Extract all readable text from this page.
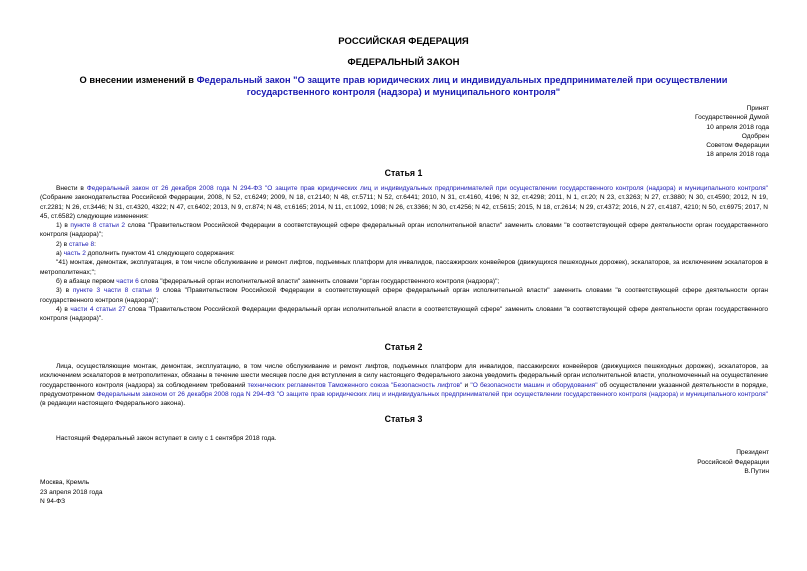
РОССИЙСКАЯ ФЕДЕРАЦИЯ
ФЕДЕРАЛЬНЫЙ ЗАКОН
О внесении изменений в Федеральный закон "О защите прав юридических лиц и индивидуальных предпринимателей при осуществлении государственного контроля (надзора) и муниципального контроля"
Принят
Государственной Думой
10 апреля 2018 года
Одобрен
Советом Федерации
18 апреля 2018 года
Статья 1

Внести в Федеральный закон от 26 декабря 2008 года N 294-ФЗ "О защите прав юридических лиц и индивидуальных предпринимателей при осуществлении государственного контроля (надзора) и муниципального контроля" (Собрание законодательства Российской Федерации, 2008, N 52, ст.6249; 2009, N 18, ст.2140; N 48, ст.5711; N 52, ст.6441; 2010, N 31, ст.4160, 4196; N 32, ст.4298; 2011, N 1, ст.20; N 23, ст.3263; N 27, ст.3880; N 30, ст.4590; 2012, N 19, ст.2281; N 26, ст.3446; N 31, ст.4320, 4322; N 47, ст.6402; 2013, N 9, ст.874; N 48, ст.6165; 2014, N 11, ст.1092, 1098; N 26, ст.3366; N 30, ст.4256; N 42, ст.5615; 2015, N 18, ст.2614; N 29, ст.4372; 2016, N 27, ст.4187, 4210; N 50, ст.6975; 2017, N 45, ст.6582) следующие изменения:

1) в пункте 8 статьи 2 слова "Правительством Российской Федерации в соответствующей сфере федеральный орган исполнительной власти" заменить словами "в соответствующей сфере деятельности орган государственного контроля (надзора)";

2) в статье 8:

а) часть 2 дополнить пунктом 41 следующего содержания:

"41) монтаж, демонтаж, эксплуатация, в том числе обслуживание и ремонт лифтов, подъемных платформ для инвалидов, пассажирских конвейеров (движущихся пешеходных дорожек), эскалаторов, за исключением эскалаторов в метрополитенах;";

б) в абзаце первом части 6 слова "федеральный орган исполнительной власти" заменить словами "орган государственного контроля (надзора)";

3) в пункте 3 части 8 статьи 9 слова "Правительством Российской Федерации в соответствующей сфере федеральный орган исполнительной власти" заменить словами "в соответствующей сфере деятельности орган государственного контроля (надзора)";

4) в части 4 статьи 27 слова "Правительством Российской Федерации федеральный орган исполнительной власти в соответствующей сфере" заменить словами "в соответствующей сфере деятельности орган государственного контроля (надзора)".

Статья 2

Лица, осуществляющие монтаж, демонтаж, эксплуатацию, в том числе обслуживание и ремонт лифтов, подъемных платформ для инвалидов, пассажирских конвейеров (движущихся пешеходных дорожек), эскалаторов, за исключением эскалаторов в метрополитенах, обязаны в течение шести месяцев после дня вступления в силу настоящего Федерального закона уведомить федеральный орган исполнительной власти, уполномоченный на осуществление государственного контроля (надзора) за соблюдением требований технических регламентов Таможенного союза "Безопасность лифтов" и "О безопасности машин и оборудования" об осуществлении указанной деятельности в порядке, предусмотренном Федеральным законом от 26 декабря 2008 года N 294-ФЗ "О защите прав юридических лиц и индивидуальных предпринимателей при осуществлении государственного контроля (надзора) и муниципального контроля" (в редакции настоящего Федерального закона).

Статья 3

Настоящий Федеральный закон вступает в силу с 1 сентября 2018 года.

Президент
Российской Федерации
В.Путин
Москва, Кремль
23 апреля 2018 года
N 94-ФЗ
